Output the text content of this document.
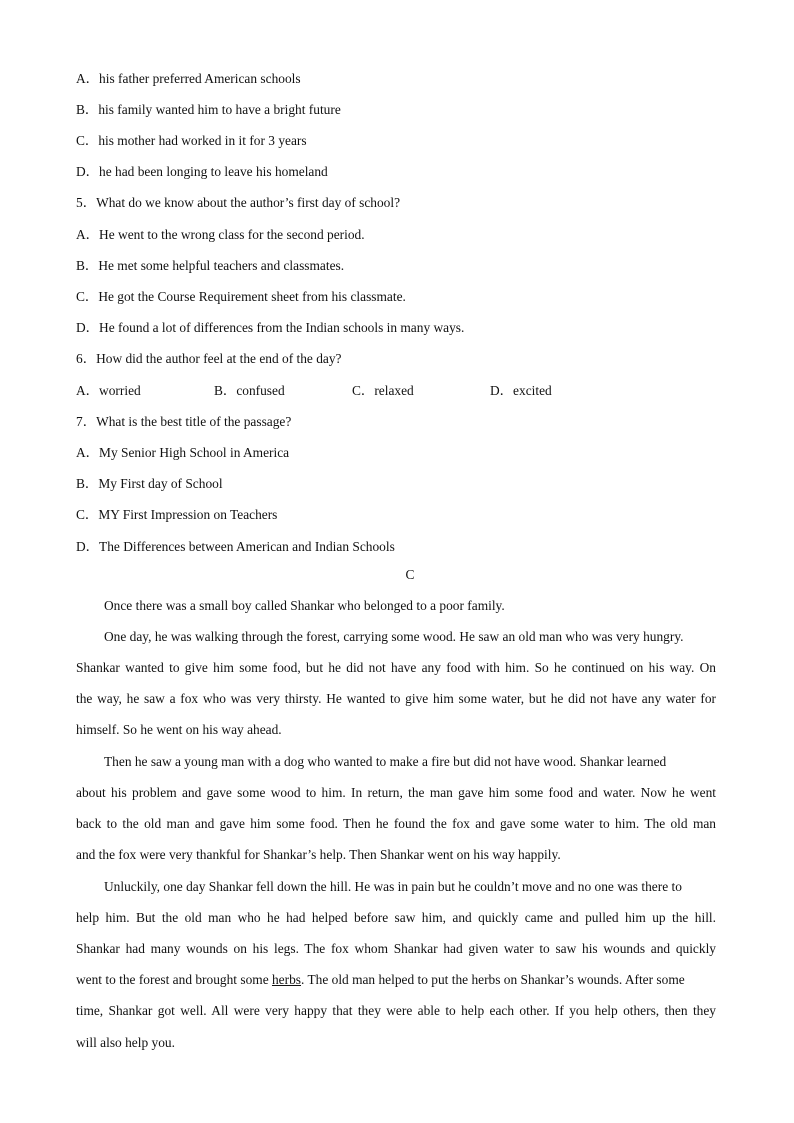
A．his father preferred American schools
B．his family wanted him to have a bright future
C．his mother had worked in it for 3 years
D．he had been longing to leave his homeland
5．What do we know about the author’s first day of school?
A．He went to the wrong class for the second period.
B．He met some helpful teachers and classmates.
C．He got the Course Requirement sheet from his classmate.
D．He found a lot of differences from the Indian schools in many ways.
6．How did the author feel at the end of the day?
A．worried	B．confused	C．relaxed	D．excited
7．What is the best title of the passage?
A．My Senior High School in America
B．My First day of School
C．MY First Impression on Teachers
D．The Differences between American and Indian Schools
C
Once there was a small boy called Shankar who belonged to a poor family.
One day, he was walking through the forest, carrying some wood. He saw an old man who was very hungry.
Shankar wanted to give him some food, but he did not have any food with him. So he continued on his way. On
the way, he saw a fox who was very thirsty. He wanted to give him some water, but he did not have any water for
himself. So he went on his way ahead.
Then he saw a young man with a dog who wanted to make a fire but did not have wood. Shankar learned
about his problem and gave some wood to him. In return, the man gave him some food and water. Now he went
back to the old man and gave him some food. Then he found the fox and gave some water to him. The old man
and the fox were very thankful for Shankar’s help. Then Shankar went on his way happily.
Unluckily, one day Shankar fell down the hill. He was in pain but he couldn’t move and no one was there to
help him. But the old man who he had helped before saw him, and quickly came and pulled him up the hill.
Shankar had many wounds on his legs. The fox whom Shankar had given water to saw his wounds and quickly
went to the forest and brought some herbs. The old man helped to put the herbs on Shankar’s wounds. After some
time, Shankar got well. All were very happy that they were able to help each other. If you help others, then they
will also help you.
